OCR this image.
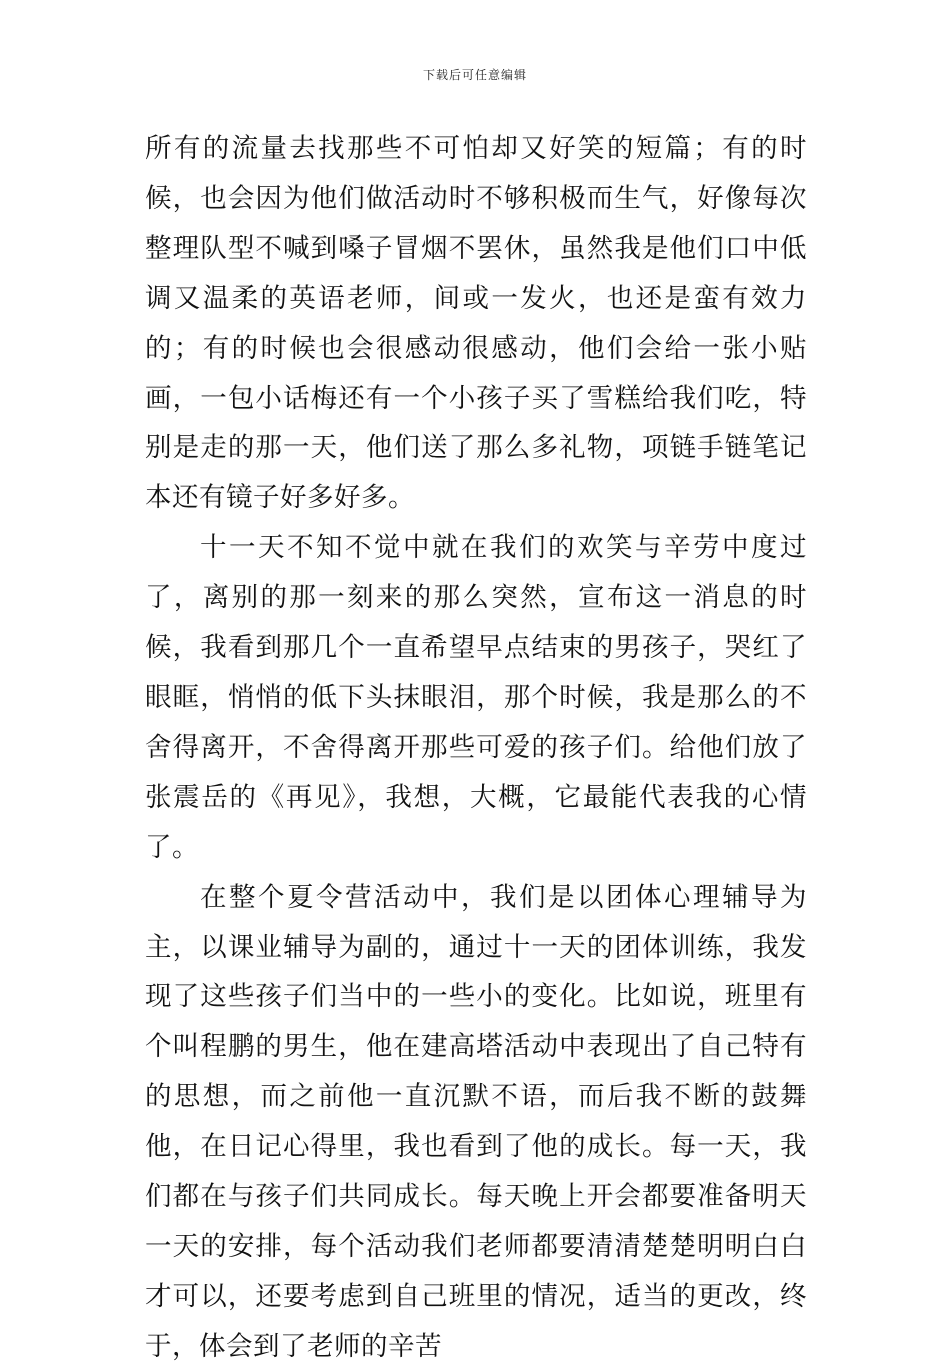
下载后可任意编辑

所有的流量去找那些不可怕却又好笑的短篇；有的时候，也会因为他们做活动时不够积极而生气，好像每次整理队型不喊到嗓子冒烟不罢休，虽然我是他们口中低调又温柔的英语老师，间或一发火，也还是蛮有效力的；有的时候也会很感动很感动，他们会给一张小贴画，一包小话梅还有一个小孩子买了雪糕给我们吃，特别是走的那一天，他们送了那么多礼物，项链手链笔记本还有镜子好多好多。

十一天不知不觉中就在我们的欢笑与辛劳中度过了，离别的那一刻来的那么突然，宣布这一消息的时候，我看到那几个一直希望早点结束的男孩子，哭红了眼眶，悄悄的低下头抹眼泪，那个时候，我是那么的不舍得离开，不舍得离开那些可爱的孩子们。给他们放了张震岳的《再见》，我想，大概，它最能代表我的心情了。

在整个夏令营活动中，我们是以团体心理辅导为主，以课业辅导为副的，通过十一天的团体训练，我发现了这些孩子们当中的一些小的变化。比如说，班里有个叫程鹏的男生，他在建高塔活动中表现出了自己特有的思想，而之前他一直沉默不语，而后我不断的鼓舞他，在日记心得里，我也看到了他的成长。每一天，我们都在与孩子们共同成长。每天晚上开会都要准备明天一天的安排，每个活动我们老师都要清清楚楚明明白白才可以，还要考虑到自己班里的情况，适当的更改，终于，体会到了老师的辛苦
